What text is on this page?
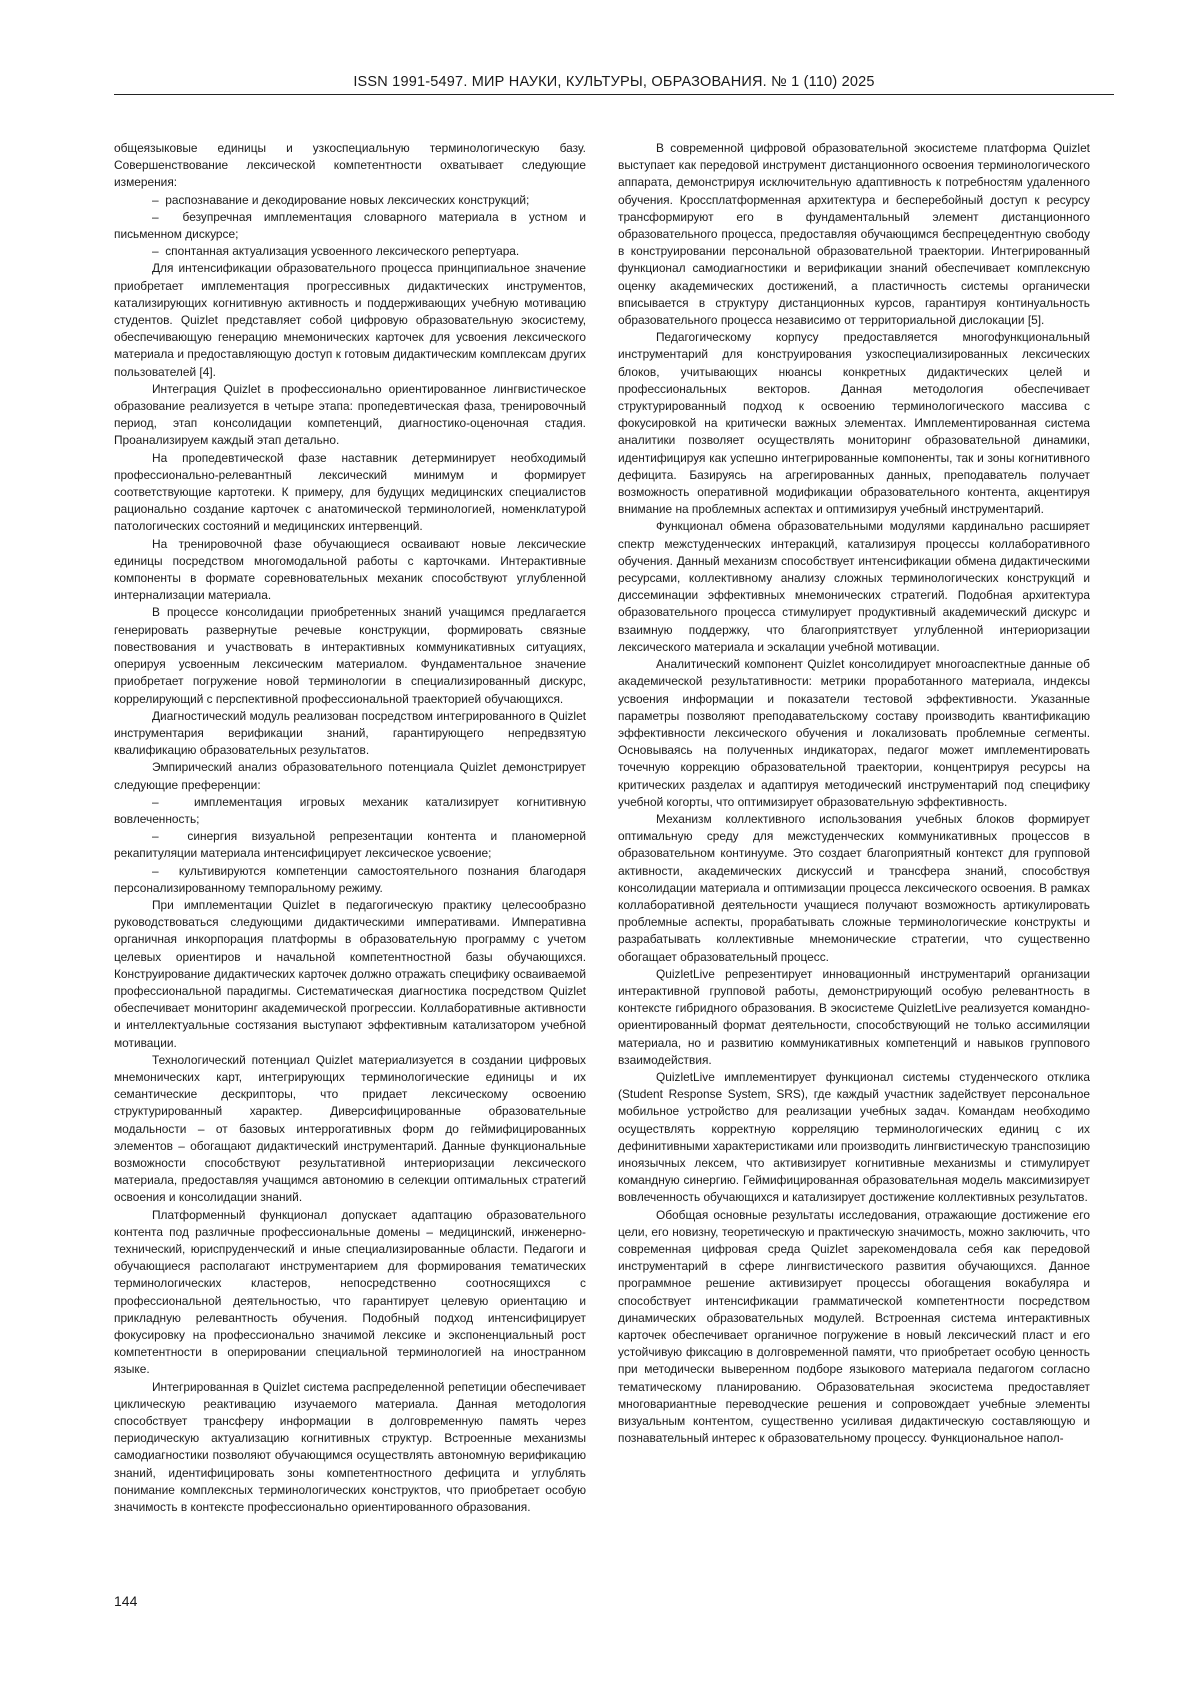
ISSN 1991-5497. МИР НАУКИ, КУЛЬТУРЫ, ОБРАЗОВАНИЯ. № 1 (110) 2025

общеязыковые единицы и узкоспециальную терминологическую базу. Совершенствование лексической компетентности охватывает следующие измерения:

–  распознавание и декодирование новых лексических конструкций;

–  безупречная имплементация словарного материала в устном и письменном дискурсе;

–  спонтанная актуализация усвоенного лексического репертуара.

Для интенсификации образовательного процесса принципиальное значение приобретает имплементация прогрессивных дидактических инструментов, катализирующих когнитивную активность и поддерживающих учебную мотивацию студентов. Quizlet представляет собой цифровую образовательную экосистему, обеспечивающую генерацию мнемонических карточек для усвоения лексического материала и предоставляющую доступ к готовым дидактическим комплексам других пользователей [4].

Интеграция Quizlet в профессионально ориентированное лингвистическое образование реализуется в четыре этапа: пропедевтическая фаза, тренировочный период, этап консолидации компетенций, диагностико-оценочная стадия. Проанализируем каждый этап детально.

На пропедевтической фазе наставник детерминирует необходимый профессионально-релевантный лексический минимум и формирует соответствующие картотеки. К примеру, для будущих медицинских специалистов рационально создание карточек с анатомической терминологией, номенклатурой патологических состояний и медицинских интервенций.

На тренировочной фазе обучающиеся осваивают новые лексические единицы посредством многомодальной работы с карточками. Интерактивные компоненты в формате соревновательных механик способствуют углубленной интернализации материала.

В процессе консолидации приобретенных знаний учащимся предлагается генерировать развернутые речевые конструкции, формировать связные повествования и участвовать в интерактивных коммуникативных ситуациях, оперируя усвоенным лексическим материалом. Фундаментальное значение приобретает погружение новой терминологии в специализированный дискурс, коррелирующий с перспективной профессиональной траекторией обучающихся.

Диагностический модуль реализован посредством интегрированного в Quizlet инструментария верификации знаний, гарантирующего непредвзятую квалификацию образовательных результатов.

Эмпирический анализ образовательного потенциала Quizlet демонстрирует следующие преференции:

–  имплементация игровых механик катализирует когнитивную вовлеченность;

–  синергия визуальной репрезентации контента и планомерной рекапитуляции материала интенсифицирует лексическое усвоение;

–  культивируются компетенции самостоятельного познания благодаря персонализированному темпоральному режиму.

При имплементации Quizlet в педагогическую практику целесообразно руководствоваться следующими дидактическими императивами. Императивна органичная инкорпорация платформы в образовательную программу с учетом целевых ориентиров и начальной компетентностной базы обучающихся. Конструирование дидактических карточек должно отражать специфику осваиваемой профессиональной парадигмы. Систематическая диагностика посредством Quizlet обеспечивает мониторинг академической прогрессии. Коллаборативные активности и интеллектуальные состязания выступают эффективным катализатором учебной мотивации.

Технологический потенциал Quizlet материализуется в создании цифровых мнемонических карт, интегрирующих терминологические единицы и их семантические дескрипторы, что придает лексическому освоению структурированный характер. Диверсифицированные образовательные модальности – от базовых интеррогативных форм до геймифицированных элементов – обогащают дидактический инструментарий. Данные функциональные возможности способствуют результативной интериоризации лексического материала, предоставляя учащимся автономию в селекции оптимальных стратегий освоения и консолидации знаний.

Платформенный функционал допускает адаптацию образовательного контента под различные профессиональные домены – медицинский, инженерно-технический, юриспруденческий и иные специализированные области. Педагоги и обучающиеся располагают инструментарием для формирования тематических терминологических кластеров, непосредственно соотносящихся с профессиональной деятельностью, что гарантирует целевую ориентацию и прикладную релевантность обучения. Подобный подход интенсифицирует фокусировку на профессионально значимой лексике и экспоненциальный рост компетентности в оперировании специальной терминологией на иностранном языке.

Интегрированная в Quizlet система распределенной репетиции обеспечивает циклическую реактивацию изучаемого материала. Данная методология способствует трансферу информации в долговременную память через периодическую актуализацию когнитивных структур. Встроенные механизмы самодиагностики позволяют обучающимся осуществлять автономную верификацию знаний, идентифицировать зоны компетентностного дефицита и углублять понимание комплексных терминологических конструктов, что приобретает особую значимость в контексте профессионально ориентированного образования.

В современной цифровой образовательной экосистеме платформа Quizlet выступает как передовой инструмент дистанционного освоения терминологического аппарата, демонстрируя исключительную адаптивность к потребностям удаленного обучения. Кроссплатформенная архитектура и бесперебойный доступ к ресурсу трансформируют его в фундаментальный элемент дистанционного образовательного процесса, предоставляя обучающимся беспрецедентную свободу в конструировании персональной образовательной траектории. Интегрированный функционал самодиагностики и верификации знаний обеспечивает комплексную оценку академических достижений, а пластичность системы органически вписывается в структуру дистанционных курсов, гарантируя континуальность образовательного процесса независимо от территориальной дислокации [5].

Педагогическому корпусу предоставляется многофункциональный инструментарий для конструирования узкоспециализированных лексических блоков, учитывающих нюансы конкретных дидактических целей и профессиональных векторов. Данная методология обеспечивает структурированный подход к освоению терминологического массива с фокусировкой на критически важных элементах. Имплементированная система аналитики позволяет осуществлять мониторинг образовательной динамики, идентифицируя как успешно интегрированные компоненты, так и зоны когнитивного дефицита. Базируясь на агрегированных данных, преподаватель получает возможность оперативной модификации образовательного контента, акцентируя внимание на проблемных аспектах и оптимизируя учебный инструментарий.

Функционал обмена образовательными модулями кардинально расширяет спектр межстуденческих интеракций, катализируя процессы коллаборативного обучения. Данный механизм способствует интенсификации обмена дидактическими ресурсами, коллективному анализу сложных терминологических конструкций и диссеминации эффективных мнемонических стратегий. Подобная архитектура образовательного процесса стимулирует продуктивный академический дискурс и взаимную поддержку, что благоприятствует углубленной интериоризации лексического материала и эскалации учебной мотивации.

Аналитический компонент Quizlet консолидирует многоаспектные данные об академической результативности: метрики проработанного материала, индексы усвоения информации и показатели тестовой эффективности. Указанные параметры позволяют преподавательскому составу производить квантификацию эффективности лексического обучения и локализовать проблемные сегменты. Основываясь на полученных индикаторах, педагог может имплементировать точечную коррекцию образовательной траектории, концентрируя ресурсы на критических разделах и адаптируя методический инструментарий под специфику учебной когорты, что оптимизирует образовательную эффективность.

Механизм коллективного использования учебных блоков формирует оптимальную среду для межстуденческих коммуникативных процессов в образовательном континууме. Это создает благоприятный контекст для групповой активности, академических дискуссий и трансфера знаний, способствуя консолидации материала и оптимизации процесса лексического освоения. В рамках коллаборативной деятельности учащиеся получают возможность артикулировать проблемные аспекты, прорабатывать сложные терминологические конструкты и разрабатывать коллективные мнемонические стратегии, что существенно обогащает образовательный процесс.

QuizletLive репрезентирует инновационный инструментарий организации интерактивной групповой работы, демонстрирующий особую релевантность в контексте гибридного образования. В экосистеме QuizletLive реализуется командно-ориентированный формат деятельности, способствующий не только ассимиляции материала, но и развитию коммуникативных компетенций и навыков группового взаимодействия.

QuizletLive имплементирует функционал системы студенческого отклика (Student Response System, SRS), где каждый участник задействует персональное мобильное устройство для реализации учебных задач. Командам необходимо осуществлять корректную корреляцию терминологических единиц с их дефинитивными характеристиками или производить лингвистическую транспозицию иноязычных лексем, что активизирует когнитивные механизмы и стимулирует командную синергию. Геймифицированная образовательная модель максимизирует вовлеченность обучающихся и катализирует достижение коллективных результатов.

Обобщая основные результаты исследования, отражающие достижение его цели, его новизну, теоретическую и практическую значимость, можно заключить, что современная цифровая среда Quizlet зарекомендовала себя как передовой инструментарий в сфере лингвистического развития обучающихся. Данное программное решение активизирует процессы обогащения вокабуляра и способствует интенсификации грамматической компетентности посредством динамических образовательных модулей. Встроенная система интерактивных карточек обеспечивает органичное погружение в новый лексический пласт и его устойчивую фиксацию в долговременной памяти, что приобретает особую ценность при методически выверенном подборе языкового материала педагогом согласно тематическому планированию. Образовательная экосистема предоставляет многовариантные переводческие решения и сопровождает учебные элементы визуальным контентом, существенно усиливая дидактическую составляющую и познавательный интерес к образовательному процессу. Функциональное напол-

144
